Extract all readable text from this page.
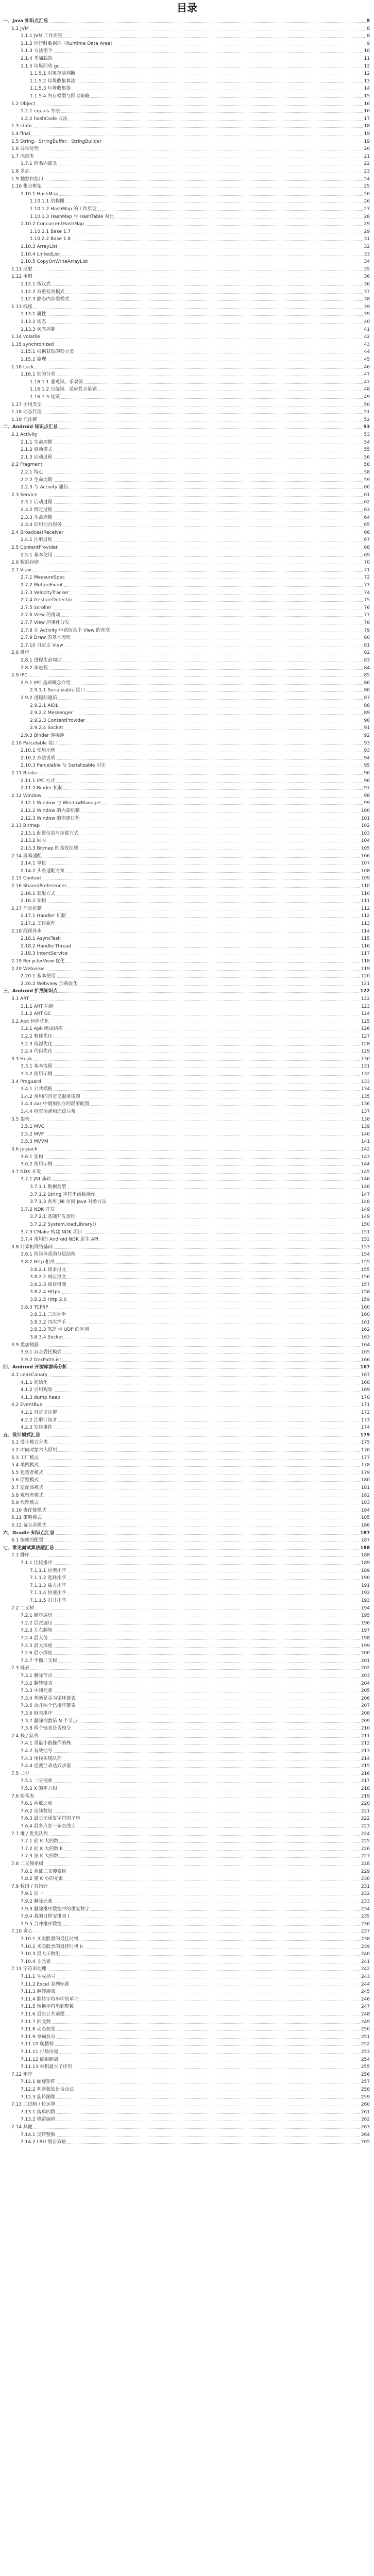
目录
一、Java 知识点汇总	8
1.1 JVM	8
1.1.1 JVM 工作流程	8
1.1.2 运行时数据区（Runtime Data Area）	9
1.1.3 方法指令	10
1.1.4 类加载器	11
1.1.5 垃圾回收 gc	12
1.1.5.1 对象存活判断	12
1.1.5.2 垃圾收集算法	13
1.1.5.3 垃圾收集器	14
1.1.5.4 内存模型与回收策略	15
1.2 Object	16
1.2.1 equals 方法	16
1.2.2 hashCode 方法	17
1.3 static	18
1.4 final	19
1.5 String、StringBuffer、StringBuilder	19
1.6 异常处理	20
1.7 内部类	21
1.7.1 匿名内部类	22
1.8 多态	23
1.9 抽象和接口	24
1.10 集合框架	25
1.10.1 HashMap	26
1.10.1.1 结构图	26
1.10.1.2 HashMap 的工作原理	27
1.10.1.3 HashMap 与 HashTable 对比	28
1.10.2 ConcurrentHashMap	29
1.10.2.1 Base 1.7	29
1.10.2.2 Base 1.8	31
1.10.3 ArrayList	32
1.10.4 LinkedList	33
1.10.5 CopyOnWriteArrayList	34
1.11 反射	35
1.12 单例	36
1.12.1 饿汉式	36
1.12.2 双重检查模式	37
1.12.3 静态内部类模式	38
1.13 线程	39
1.13.1 属性	39
1.13.2 状态	40
1.13.3 状态控制	41
1.14 volatile	42
1.15 synchronized	43
1.15.1 根据获取的锁分类	44
1.15.2 原理	45
1.16 Lock	46
1.16.1 锁的分类	47
1.16.1.1 悲观锁、乐观锁	47
1.16.1.2 自旋锁、适应性自旋锁	48
1.16.1.3 死锁	49
1.17 引用类型	50
1.18 动态代理	51
1.19 元注解	52
二、Android 知识点汇总	53
2.1 Activity	53
2.1.1 生命周期	54
2.1.2 启动模式	55
2.1.3 启动过程	56
2.2 Fragment	58
2.2.1 特点	58
2.2.2 生命周期	59
2.2.3 与 Activity 通信	60
2.3 Service	61
2.3.1 启动过程	62
2.3.2 绑定过程	63
2.3.3 生命周期	64
2.3.4 启用前台服务	65
2.4 BroadcastReceiver	66
2.4.1 注册过程	67
2.5 ContentProvider	68
2.5.1 基本使用	69
2.6 数据存储	70
2.7 View	71
2.7.1 MeasureSpec	72
2.7.2 MotionEvent	73
2.7.3 VelocityTracker	74
2.7.4 GestureDetector	75
2.7.5 Scroller	76
2.7.6 View 的滑动	77
2.7.7 View 的事件分发	78
2.7.8 在 Activity 中获取某个 View 的宽高	79
2.7.9 Draw 的基本流程	80
2.7.10 自定义 View	81
2.8 进程	82
2.8.1 进程生命周期	83
2.8.2 多进程	84
2.9 IPC	85
2.9.1 IPC 基础概念介绍	86
2.9.1.1 Serializable 接口	86
2.9.2 进程间通信	87
2.9.2.1 AIDL	88
2.9.2.2 Messenger	89
2.9.2.3 ContentProvider	90
2.9.2.4 Socket	91
2.9.3 Binder 连接池	92
2.10 Parcelable 接口	93
2.10.1 使用示例	93
2.10.2 方法说明	94
2.10.3 Parcelable 与 Serializable 对比	95
2.11 Binder	96
2.11.1 IPC 方式	96
2.11.2 Binder 机制	97
2.12 Window	98
2.12.1 Window 与 WindowManager	99
2.12.2 Window 的内部机制	100
2.12.3 Window 的创建过程	101
2.13 Bitmap	102
2.13.1 配置信息与压缩方式	103
2.13.2 回收	104
2.13.3 Bitmap 的高效加载	105
2.14 屏幕适配	106
2.14.1 单位	107
2.14.2 头条适配方案	108
2.15 Context	109
2.16 SharedPreferences	110
2.16.1 获取方式	110
2.16.2 架构	111
2.17 消息机制	112
2.17.1 Handler 机制	112
2.17.2 工作原理	113
2.18 线程异步	114
2.18.1 AsyncTask	115
2.18.2 HandlerThread	116
2.18.3 IntentService	117
2.19 RecyclerView 优化	118
2.20 Webview	119
2.20.1 基本使用	120
2.20.2 Webview 加载优化	121
三、Android 扩展知识点	122
3.1 ART	122
3.1.1 ART 功能	123
3.1.2 ART GC	124
3.2 Apk 包体优化	125
3.2.1 Apk 组成结构	126
3.2.2 整体优化	127
3.2.3 资源优化	128
3.2.4 代码优化	129
3.3 Hook	130
3.3.1 基本流程	131
3.3.2 使用示例	132
3.4 Proguard	133
3.4.1 公共模板	134
3.4.2 常用的自定义混淆规则	135
3.4.3 aar 中增加独立的混淆配置	136
3.4.4 检查混淆和追踪异常	137
3.5 架构	138
3.5.1 MVC	139
3.5.2 MVP	140
3.5.3 MVVM	141
3.6 Jetpack	142
3.6.1 架构	143
3.6.2 使用示例	144
3.7 NDK 开发	145
3.7.1 JNI 基础	146
3.7.1.1 数据类型	146
3.7.1.2 String 字符串函数操作	147
3.7.1.3 常用 JNI 访问 Java 对象方法	148
3.7.2 NDK 开发	149
3.7.2.1 基础开发流程	149
3.7.2.2 System.loadLibrary()	150
3.7.3 CMake 构建 NDK 项目	151
3.7.4 常用的 Android NDK 原生 API	152
3.8 计算机网络基础	153
3.8.1 网络体系的分层结构	154
3.8.2 Http 相关	155
3.8.2.1 请求报文	155
3.8.2.2 响应报文	156
3.8.2.3 缓存机制	157
3.8.2.4 Https	158
3.8.2.5 Http 2.0	159
3.8.3 TCP/IP	160
3.8.3.1 三次握手	160
3.8.3.2 四次挥手	161
3.8.3.3 TCP 与 UDP 的区别	162
3.8.3.4 Socket	163
3.9 类加载器	164
3.9.1 双亲委托模式	165
3.9.2 DexPathList	166
四、Android 开源库源码分析	167
4.1 LeakCanary	167
4.1.1 初始化	168
4.1.2 引用观察	169
4.1.3 dump heap	170
4.2 EventBus	171
4.2.1 自定义注解	172
4.2.2 注册订阅者	173
4.2.3 发送事件	174
五、设计模式汇总	175
5.1 设计模式分类	175
5.2 面向对象六大原则	176
5.3 工厂模式	177
5.4 单例模式	178
5.5 建造者模式	179
5.6 原型模式	180
5.7 适配器模式	181
5.8 观察者模式	182
5.9 代理模式	183
5.10 责任链模式	184
5.11 策略模式	185
5.12 备忘录模式	186
六、Gradle 知识点汇总	187
6.1 依赖的配置	187
七、常见面试算法题汇总	188
7.1 排序	188
7.1.1 比较排序	189
7.1.1.1 冒泡排序	189
7.1.1.2 选择排序	190
7.1.1.3 插入排序	191
7.1.1.4 快速排序	192
7.1.1.5 归并排序	193
7.2 二叉树	194
7.2.1 顺序遍历	195
7.2.2 层次遍历	196
7.2.3 左右翻转	197
7.2.4 最大值	198
7.2.5 最大深度	199
7.2.6 最小深度	200
7.2.7 平衡二叉树	201
7.3 链表	202
7.3.1 删除节点	203
7.3.2 翻转链表	204
7.3.3 中间元素	205
7.3.4 判断是否为循环链表	206
7.3.5 合并两个已排序链表	207
7.3.6 链表排序	208
7.3.7 删除倒数第 N 个节点	209
7.3.8 两个链表是否相交	210
7.4 栈 / 队列	211
7.4.1 带最小值操作的栈	212
7.4.2 有效括号	213
7.4.3 用栈实现队列	214
7.4.4 逆波兰表达式求值	215
7.5 二分	216
7.5.1 二分搜索	217
7.5.2 X 的平方根	218
7.6 哈希表	219
7.6.1 两数之和	220
7.6.2 连续数组	221
7.6.3 最长无重复字符的子串	222
7.6.4 最多点在一条直线上	223
7.7 堆 / 优先队列	224
7.7.1 前 K 大的数	225
7.7.2 前 K 大的数 II	226
7.7.3 第 K 大的数	227
7.8 二叉搜索树	228
7.8.1 验证二叉搜索树	229
7.8.2 第 K 小的元素	230
7.9 数组 / 双指针	231
7.9.1 加一	232
7.9.2 删除元素	233
7.9.3 删除排序数组中的重复数字	234
7.9.4 我的日程安排表 I	235
7.9.5 合并排序数组	236
7.10 贪心	237
7.10.1 买卖股票的最佳时机	238
7.10.2 买卖股票的最佳时机 II	239
7.10.3 最大子数组	240
7.10.4 主元素	241
7.11 字符串处理	242
7.11.1 生成括号	243
7.11.2 Excel 表列标题	244
7.11.3 翻转游戏	245
7.11.4 翻转字符串中的单词	246
7.11.5 转换字符串到整数	247
7.11.6 最长公共前缀	248
7.11.7 回文数	249
7.11.8 动态规划	250
7.11.9 单词拆分	251
7.11.10 爬楼梯	252
7.11.11 打劫房屋	253
7.11.12 编辑距离	254
7.11.13 乘积最大子序列	255
7.12 矩阵	256
7.12.1 螺旋矩阵	257
7.12.2 判断数独是否合法	258
7.12.3 旋转图像	259
7.13 二进制 / 位运算	260
7.13.1 落单的数	261
7.13.2 格雷编码	262
7.14 其他	263
7.14.1 反转整数	264
7.14.2 LRU 缓存策略	265
